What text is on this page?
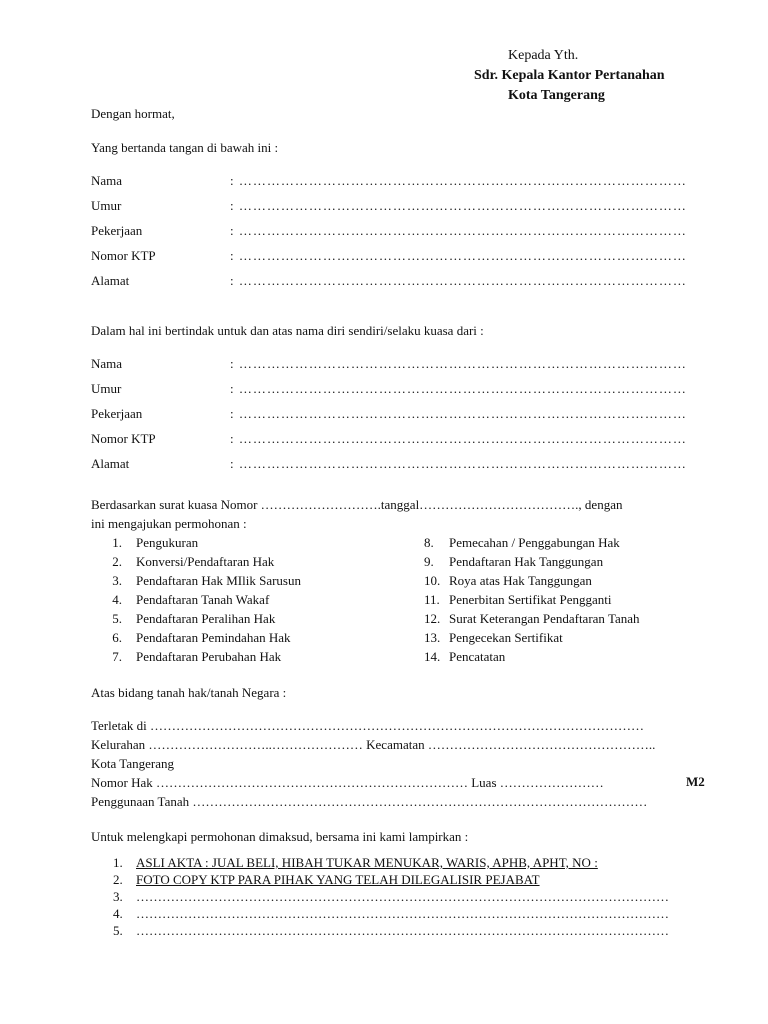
Kepada Yth.
Sdr. Kepala Kantor Pertanahan
Kota Tangerang
Dengan hormat,
Yang bertanda tangan di bawah ini :
Nama	: ……………………………………………………………………………………
Umur	: ……………………………………………………………………………………
Pekerjaan	: ……………………………………………………………………………………
Nomor KTP	: ……………………………………………………………………………………
Alamat	: ……………………………………………………………………………………
Dalam hal ini bertindak untuk dan atas nama diri sendiri/selaku kuasa dari :
Nama	: ……………………………………………………………………………………
Umur	: ……………………………………………………………………………………
Pekerjaan	: ……………………………………………………………………………………
Nomor KTP	: ……………………………………………………………………………………
Alamat	: ……………………………………………………………………………………
Berdasarkan surat kuasa Nomor ……………………….tanggal………………………………., dengan
ini mengajukan permohonan :
1. Pengukuran
2. Konversi/Pendaftaran Hak
3. Pendaftaran Hak MIlik Sarusun
4. Pendaftaran Tanah Wakaf
5. Pendaftaran Peralihan Hak
6. Pendaftaran Pemindahan Hak
7. Pendaftaran Perubahan Hak
8. Pemecahan / Penggabungan Hak
9. Pendaftaran Hak Tanggungan
10. Roya atas Hak Tanggungan
11. Penerbitan Sertifikat Pengganti
12. Surat Keterangan Pendaftaran Tanah
13. Pengecekan Sertifikat
14. Pencatatan
Atas bidang tanah hak/tanah Negara :
Terletak di ……………………………………………………………………………………………………
Kelurahan ………………………..………………… Kecamatan ……………………………………………..
Kota Tangerang
Nomor Hak ……………………………………………………………… Luas ……………………	M2
Penggunaan Tanah ……………………………………………………………………………………………
Untuk melengkapi permohonan dimaksud, bersama ini kami lampirkan :
1. ASLI AKTA : JUAL BELI, HIBAH TUKAR MENUKAR, WARIS, APHB, APHT, NO :
2. FOTO COPY KTP PARA PIHAK YANG TELAH DILEGALISIR PEJABAT
3. ……………………………………………………………………………………………………………
4. ……………………………………………………………………………………………………………
5. ……………………………………………………………………………………………………………
